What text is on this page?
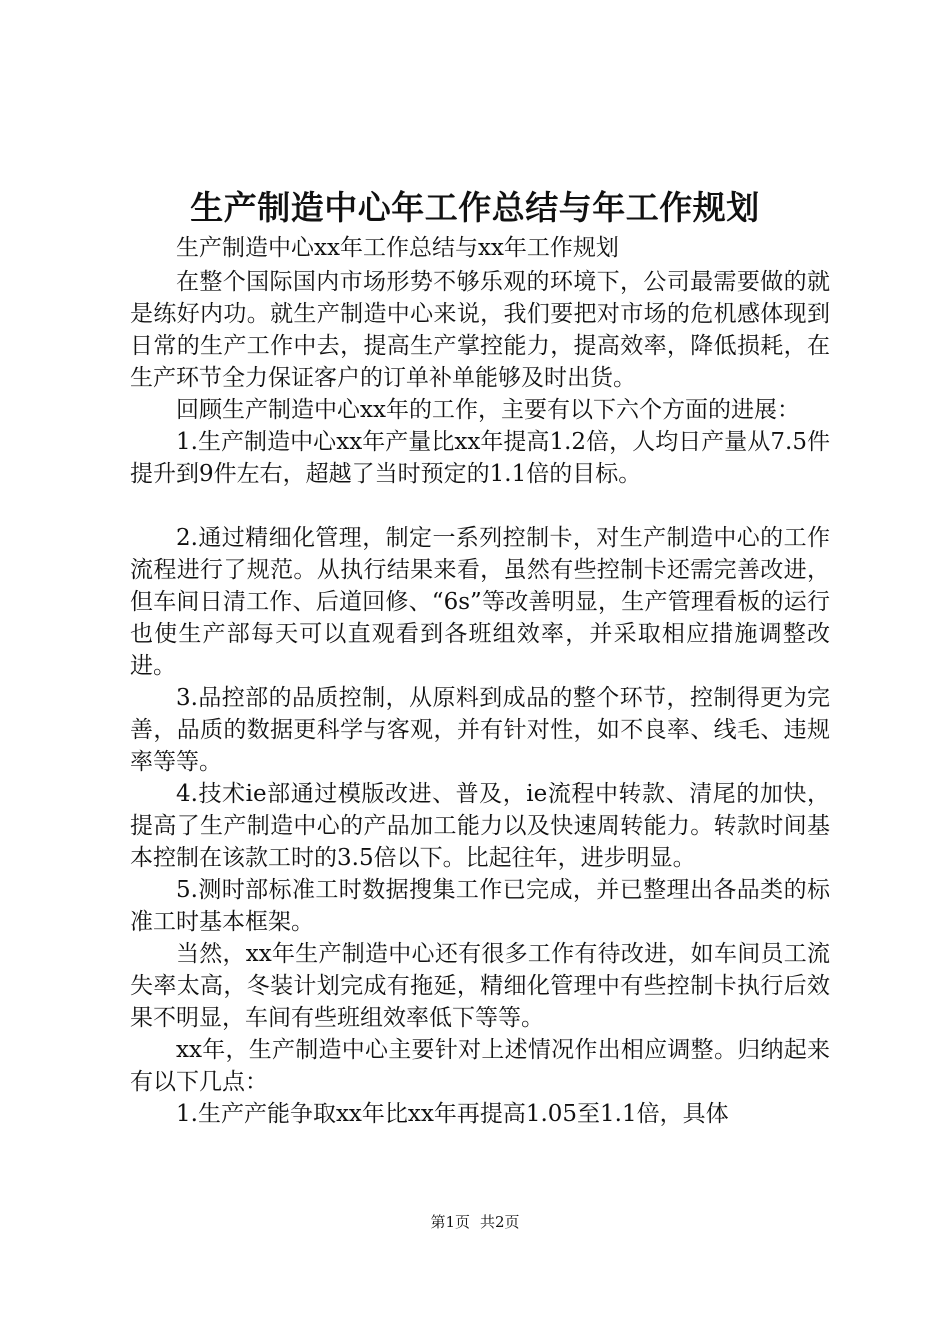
生产制造中心年工作总结与年工作规划

生产制造中心xx年工作总结与xx年工作规划

在整个国际国内市场形势不够乐观的环境下，公司最需要做的就是练好内功。就生产制造中心来说，我们要把对市场的危机感体现到日常的生产工作中去，提高生产掌控能力，提高效率，降低损耗，在生产环节全力保证客户的订单补单能够及时出货。

回顾生产制造中心xx年的工作，主要有以下六个方面的进展：

1.生产制造中心xx年产量比xx年提高1.2倍，人均日产量从7.5件提升到9件左右，超越了当时预定的1.1倍的目标。

2.通过精细化管理，制定一系列控制卡，对生产制造中心的工作流程进行了规范。从执行结果来看，虽然有些控制卡还需完善改进，但车间日清工作、后道回修、“6s”等改善明显，生产管理看板的运行也使生产部每天可以直观看到各班组效率，并采取相应措施调整改进。

3.品控部的品质控制，从原料到成品的整个环节，控制得更为完善，品质的数据更科学与客观，并有针对性，如不良率、线毛、违规率等等。

4.技术ie部通过模版改进、普及，ie流程中转款、清尾的加快，提高了生产制造中心的产品加工能力以及快速周转能力。转款时间基本控制在该款工时的3.5倍以下。比起往年，进步明显。

5.测时部标准工时数据搜集工作已完成，并已整理出各品类的标准工时基本框架。

当然，xx年生产制造中心还有很多工作有待改进，如车间员工流失率太高，冬装计划完成有拖延，精细化管理中有些控制卡执行后效果不明显，车间有些班组效率低下等等。

xx年，生产制造中心主要针对上述情况作出相应调整。归纳起来有以下几点：

1.生产产能争取xx年比xx年再提高1.05至1.1倍，具体

第1页 共2页
